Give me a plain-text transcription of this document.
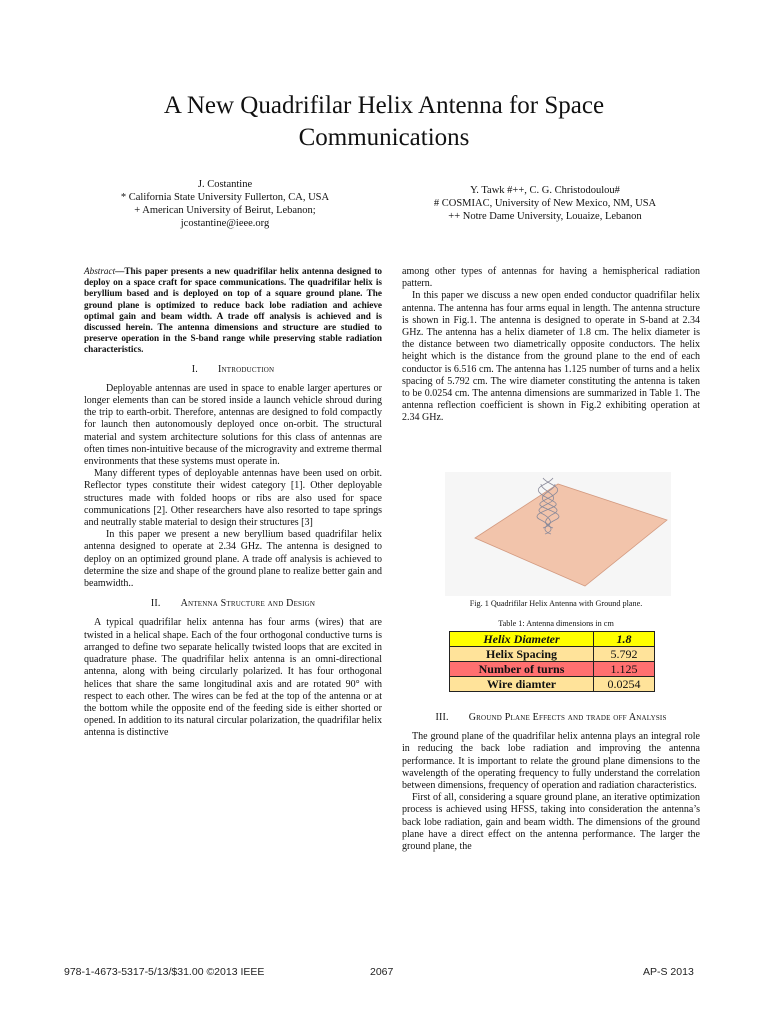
A New Quadrifilar Helix Antenna for Space
Communications
J. Costantine
* California State University Fullerton, CA, USA
+ American University of Beirut, Lebanon;
jcostantine@ieee.org
Y. Tawk #++, C. G. Christodoulou#
# COSMIAC, University of New Mexico, NM, USA
++ Notre Dame University, Louaize, Lebanon

Abstract—This paper presents a new quadrifilar helix antenna designed to deploy on a space craft for space communications. The quadrifilar helix is beryllium based and is deployed on top of a square ground plane. The ground plane is optimized to reduce back lobe radiation and achieve optimal gain and beam width. A trade off analysis is achieved and is discussed herein. The antenna dimensions and structure are studied to preserve operation in the S-band range while preserving stable radiation characteristics.

I. Introduction

Deployable antennas are used in space to enable larger apertures or longer elements than can be stored inside a launch vehicle shroud during the trip to earth-orbit. Therefore, antennas are designed to fold compactly for launch then autonomously deployed once on-orbit. The structural material and system architecture solutions for this class of antennas are often times non-intuitive because of the microgravity and extreme thermal environments that these systems must operate in.

Many different types of deployable antennas have been used on orbit. Reflector types constitute their widest category [1]. Other deployable structures made with folded hoops or ribs are also used for space communications [2]. Other researchers have also resorted to tape springs and neutrally stable material to design their structures [3]

In this paper we present a new beryllium based quadrifilar helix antenna designed to operate at 2.34 GHz. The antenna is designed to deploy on an optimized ground plane. A trade off analysis is achieved to determine the size and shape of the ground plane to realize better gain and beamwidth..

II. Antenna Structure and Design

A typical quadrifilar helix antenna has four arms (wires) that are twisted in a helical shape. Each of the four orthogonal conductive turns is arranged to define two separate helically twisted loops that are excited in quadrature phase. The quadrifilar helix antenna is an omni-directional antenna, along with being circularly polarized. It has four orthogonal helices that share the same longitudinal axis and are rotated 90° with respect to each other. The wires can be fed at the top of the antenna or at the bottom while the opposite end of the feeding side is either shorted or opened. In addition to its natural circular polarization, the quadrifilar helix antenna is distinctive

among other types of antennas for having a hemispherical radiation pattern.

In this paper we discuss a new open ended conductor quadrifilar helix antenna. The antenna has four arms equal in length. The antenna structure is shown in Fig.1. The antenna is designed to operate in S-band at 2.34 GHz. The antenna has a helix diameter of 1.8 cm. The helix diameter is the distance between two diametrically opposite conductors. The helix height which is the distance from the ground plane to the end of each conductor is 6.516 cm. The antenna has 1.125 number of turns and a helix spacing of 5.792 cm. The wire diameter constituting the antenna is taken to be 0.0254 cm. The antenna dimensions are summarized in Table 1. The antenna reflection coefficient is shown in Fig.2 exhibiting operation at 2.34 GHz.

Fig. 1 Quadrifilar Helix Antenna with Ground plane.
Table 1: Antenna dimensions in cm
Helix Diameter	1.8
Helix Spacing	5.792
Number of turns	1.125
Wire diamter	0.0254
III. Ground Plane Effects and trade off Analysis

The ground plane of the quadrifilar helix antenna plays an integral role in reducing the back lobe radiation and improving the antenna performance. It is important to relate the ground plane dimensions to the wavelength of the operating frequency to fully understand the correlation between dimensions, frequency of operation and radiation characteristics.

First of all, considering a square ground plane, an iterative optimization process is achieved using HFSS, taking into consideration the antenna’s back lobe radiation, gain and beam width. The dimensions of the ground plane have a direct effect on the antenna performance. The larger the ground plane, the

978-1-4673-5317-5/13/$31.00 ©2013 IEEE	2067	AP-S 2013
